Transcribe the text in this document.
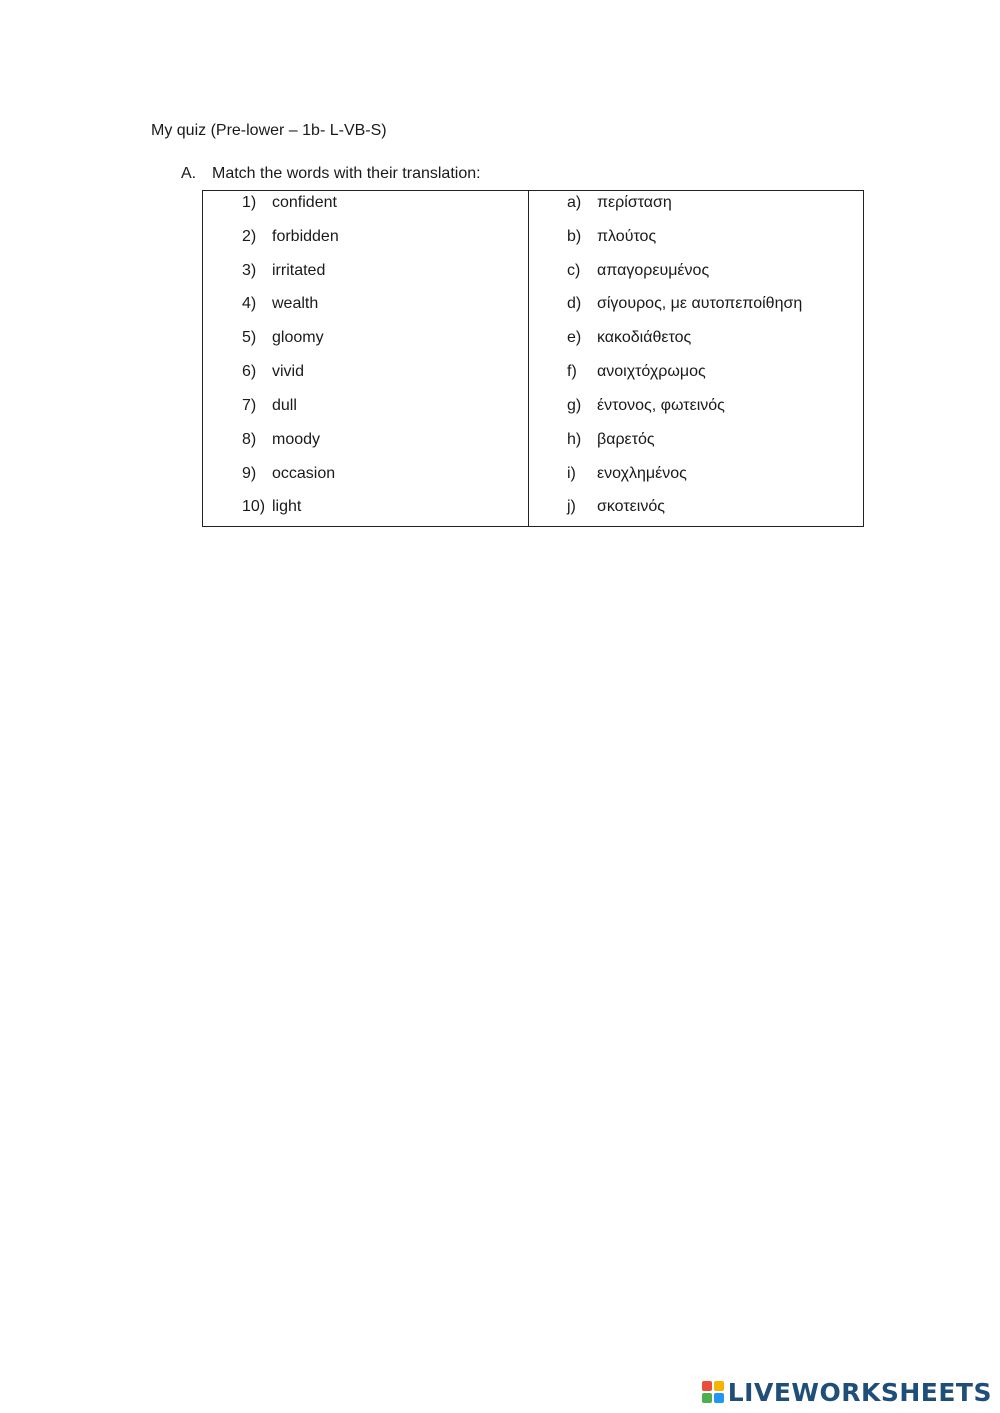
My quiz (Pre-lower – 1b- L-VB-S)
A. Match the words with their translation:
1) confident
2) forbidden
3) irritated
4) wealth
5) gloomy
6) vivid
7) dull
8) moody
9) occasion
10) light
a) περίσταση
b) πλούτος
c) απαγορευμένος
d) σίγουρος, με αυτοπεποίθηση
e) κακοδιάθετος
f) ανοιχτόχρωμος
g) έντονος, φωτεινός
h) βαρετός
i) ενοχλημένος
j) σκοτεινός
LIVEWORKSHEETS
